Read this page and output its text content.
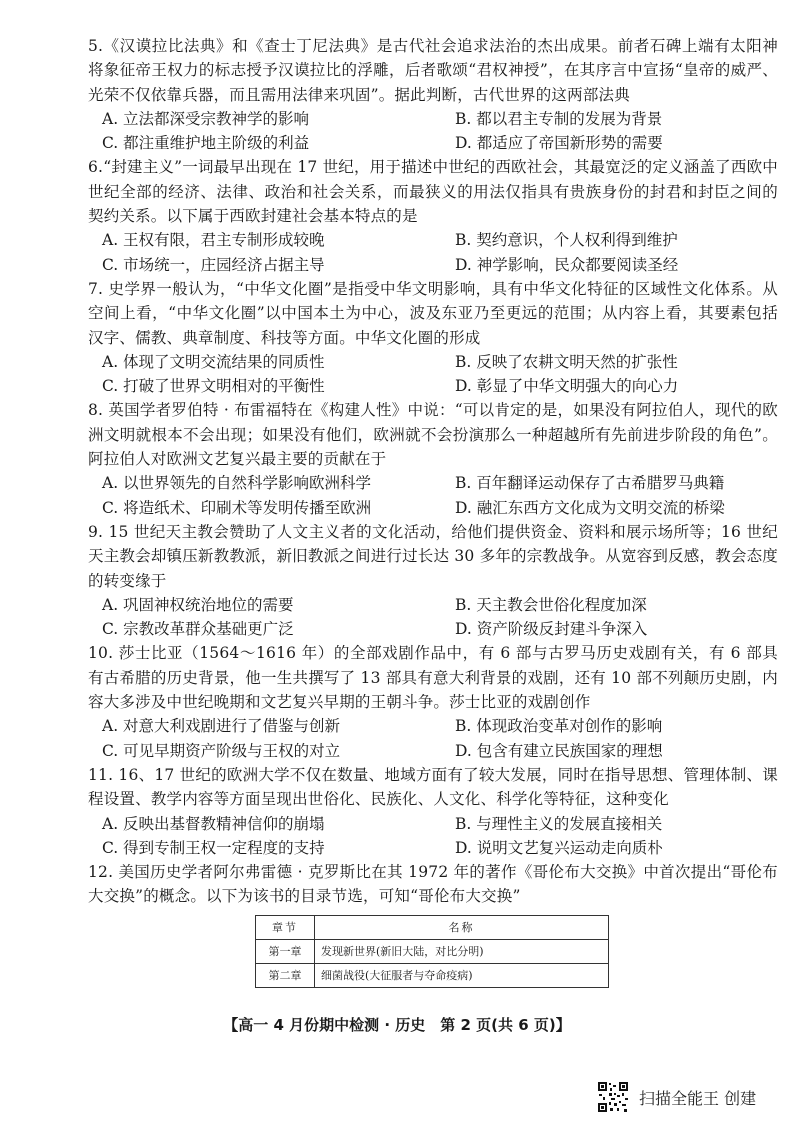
5.《汉谟拉比法典》和《查士丁尼法典》是古代社会追求法治的杰出成果。前者石碑上端有太阳神将象征帝王权力的标志授予汉谟拉比的浮雕，后者歌颂“君权神授”，在其序言中宣扬“皇帝的威严、光荣不仅依靠兵器，而且需用法律来巩固”。据此判断，古代世界的这两部法典

A. 立法都深受宗教神学的影响	B. 都以君主专制的发展为背景
C. 都注重维护地主阶级的利益	D. 都适应了帝国新形势的需要

6.“封建主义”一词最早出现在 17 世纪，用于描述中世纪的西欧社会，其最宽泛的定义涵盖了西欧中世纪全部的经济、法律、政治和社会关系，而最狭义的用法仅指具有贵族身份的封君和封臣之间的契约关系。以下属于西欧封建社会基本特点的是

A. 王权有限，君主专制形成较晚	B. 契约意识，个人权利得到维护
C. 市场统一，庄园经济占据主导	D. 神学影响，民众都要阅读圣经

7. 史学界一般认为，“中华文化圈”是指受中华文明影响，具有中华文化特征的区域性文化体系。从空间上看，“中华文化圈”以中国本土为中心，波及东亚乃至更远的范围；从内容上看，其要素包括汉字、儒教、典章制度、科技等方面。中华文化圈的形成

A. 体现了文明交流结果的同质性	B. 反映了农耕文明天然的扩张性
C. 打破了世界文明相对的平衡性	D. 彰显了中华文明强大的向心力

8. 英国学者罗伯特 · 布雷福特在《构建人性》中说：“可以肯定的是，如果没有阿拉伯人，现代的欧洲文明就根本不会出现；如果没有他们，欧洲就不会扮演那么一种超越所有先前进步阶段的角色”。阿拉伯人对欧洲文艺复兴最主要的贡献在于

A. 以世界领先的自然科学影响欧洲科学	B. 百年翻译运动保存了古希腊罗马典籍
C. 将造纸术、印刷术等发明传播至欧洲	D. 融汇东西方文化成为文明交流的桥梁

9. 15 世纪天主教会赞助了人文主义者的文化活动，给他们提供资金、资料和展示场所等；16 世纪天主教会却镇压新教教派，新旧教派之间进行过长达 30 多年的宗教战争。从宽容到反感，教会态度的转变缘于

A. 巩固神权统治地位的需要	B. 天主教会世俗化程度加深
C. 宗教改革群众基础更广泛	D. 资产阶级反封建斗争深入

10. 莎士比亚（1564～1616 年）的全部戏剧作品中，有 6 部与古罗马历史戏剧有关，有 6 部具有古希腊的历史背景，他一生共撰写了 13 部具有意大利背景的戏剧，还有 10 部不列颠历史剧，内容大多涉及中世纪晚期和文艺复兴早期的王朝斗争。莎士比亚的戏剧创作

A. 对意大利戏剧进行了借鉴与创新	B. 体现政治变革对创作的影响
C. 可见早期资产阶级与王权的对立	D. 包含有建立民族国家的理想

11. 16、17 世纪的欧洲大学不仅在数量、地域方面有了较大发展，同时在指导思想、管理体制、课程设置、教学内容等方面呈现出世俗化、民族化、人文化、科学化等特征，这种变化

A. 反映出基督教精神信仰的崩塌	B. 与理性主义的发展直接相关
C. 得到专制王权一定程度的支持	D. 说明文艺复兴运动走向质朴

12. 美国历史学者阿尔弗雷德 · 克罗斯比在其 1972 年的著作《哥伦布大交换》中首次提出“哥伦布大交换”的概念。以下为该书的目录节选，可知“哥伦布大交换”

章节	名称
第一章	发现新世界(新旧大陆，对比分明)
第二章	细菌战役(大征服者与夺命疫病)
【高一 4 月份期中检测 · 历史　第 2 页(共 6 页)】
扫描全能王 创建
